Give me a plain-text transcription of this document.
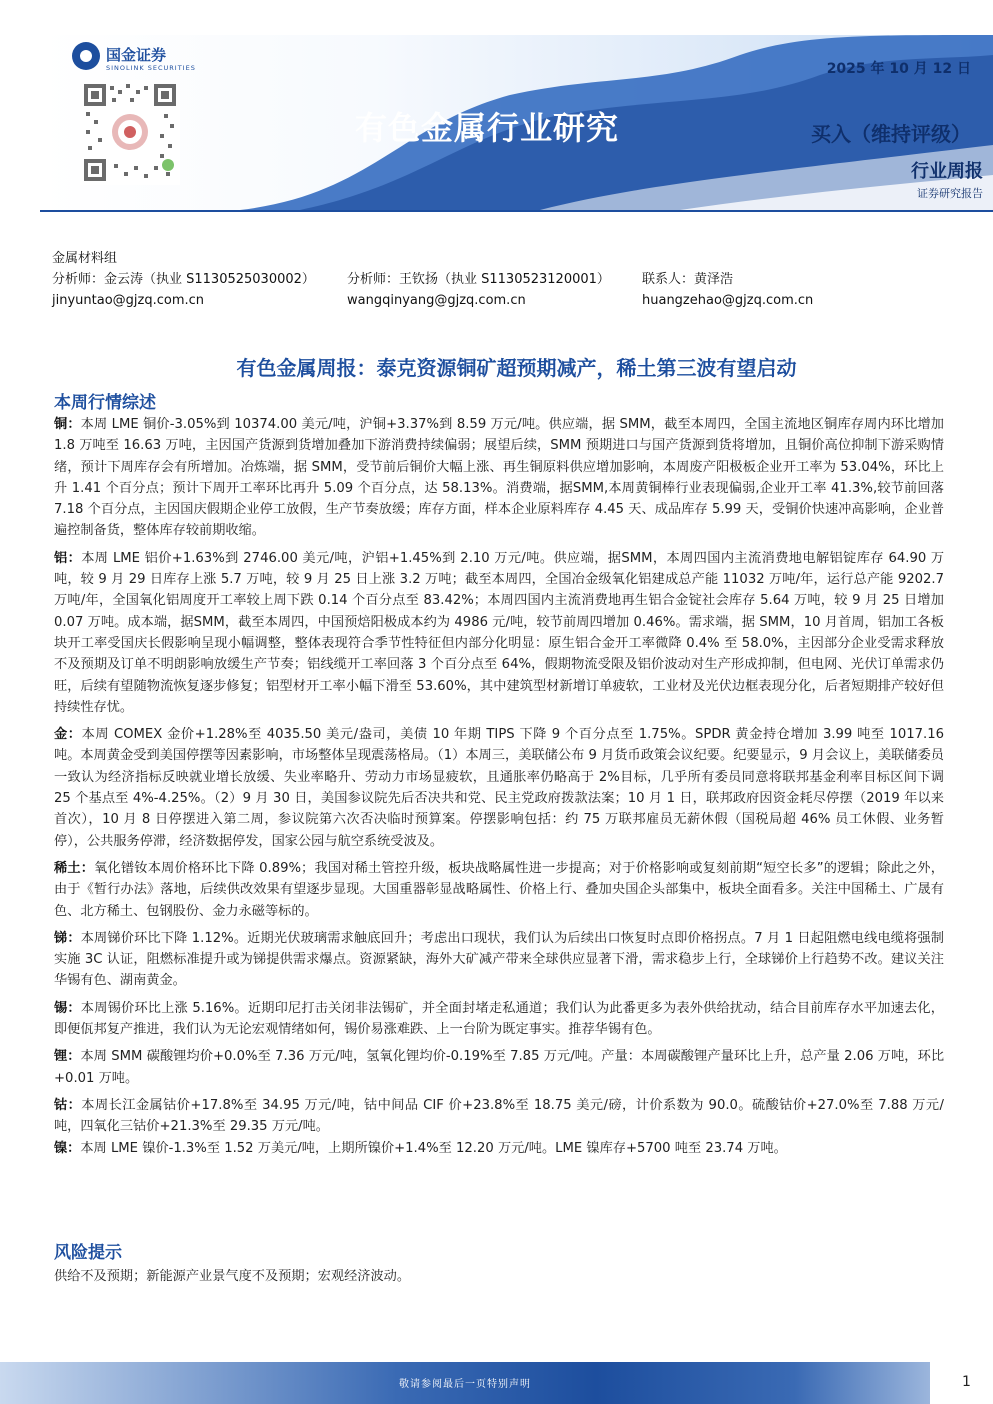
国金证券
SINOLINK SECURITIES	2025 年 10 月 12 日
有色金属行业研究	买入（维持评级）
行业周报
证券研究报告
金属材料组
分析师：金云涛（执业 S1130525030002） 分析师：王钦扬（执业 S1130523120001） 联系人：黄泽浩
jinyuntao@gjzq.com.cn	wangqinyang@gjzq.com.cn	huangzehao@gjzq.com.cn
有色金属周报：泰克资源铜矿超预期减产，稀土第三波有望启动
本周行情综述

铜：本周 LME 铜价-3.05%到 10374.00 美元/吨，沪铜+3.37%到 8.59 万元/吨。供应端，据 SMM，截至本周四，全国主流地区铜库存周内环比增加 1.8 万吨至 16.63 万吨，主因国产货源到货增加叠加下游消费持续偏弱；展望后续，SMM 预期进口与国产货源到货将增加，且铜价高位抑制下游采购情绪，预计下周库存会有所增加。冶炼端，据 SMM，受节前后铜价大幅上涨、再生铜原料供应增加影响，本周废产阳极板企业开工率为 53.04%，环比上升 1.41 个百分点；预计下周开工率环比再升 5.09 个百分点，达 58.13%。消费端，据SMM,本周黄铜棒行业表现偏弱,企业开工率 41.3%,较节前回落 7.18 个百分点，主因国庆假期企业停工放假，生产节奏放缓；库存方面，样本企业原料库存 4.45 天、成品库存 5.99 天，受铜价快速冲高影响，企业普遍控制备货，整体库存较前期收缩。

铝：本周 LME 铝价+1.63%到 2746.00 美元/吨，沪铝+1.45%到 2.10 万元/吨。供应端，据SMM，本周四国内主流消费地电解铝锭库存 64.90 万吨，较 9 月 29 日库存上涨 5.7 万吨，较 9 月 25 日上涨 3.2 万吨；截至本周四，全国冶金级氧化铝建成总产能 11032 万吨/年，运行总产能 9202.7 万吨/年，全国氧化铝周度开工率较上周下跌 0.14 个百分点至 83.42%；本周四国内主流消费地再生铝合金锭社会库存 5.64 万吨，较 9 月 25 日增加 0.07 万吨。成本端，据SMM，截至本周四，中国预焙阳极成本约为 4986 元/吨，较节前周四增加 0.46%。需求端，据 SMM，10 月首周，铝加工各板块开工率受国庆长假影响呈现小幅调整，整体表现符合季节性特征但内部分化明显：原生铝合金开工率微降 0.4% 至 58.0%，主因部分企业受需求释放不及预期及订单不明朗影响放缓生产节奏；铝线缆开工率回落 3 个百分点至 64%，假期物流受限及铝价波动对生产形成抑制，但电网、光伏订单需求仍旺，后续有望随物流恢复逐步修复；铝型材开工率小幅下滑至 53.60%，其中建筑型材新增订单疲软，工业材及光伏边框表现分化，后者短期排产较好但持续性存忧。

金：本周 COMEX 金价+1.28%至 4035.50 美元/盎司，美债 10 年期 TIPS 下降 9 个百分点至 1.75%。SPDR 黄金持仓增加 3.99 吨至 1017.16 吨。本周黄金受到美国停摆等因素影响，市场整体呈现震荡格局。（1）本周三，美联储公布 9 月货币政策会议纪要。纪要显示，9 月会议上，美联储委员一致认为经济指标反映就业增长放缓、失业率略升、劳动力市场显疲软，且通胀率仍略高于 2%目标，几乎所有委员同意将联邦基金利率目标区间下调 25 个基点至 4%-4.25%。（2）9 月 30 日，美国参议院先后否决共和党、民主党政府拨款法案；10 月 1 日，联邦政府因资金耗尽停摆（2019 年以来首次），10 月 8 日停摆进入第二周，参议院第六次否决临时预算案。停摆影响包括：约 75 万联邦雇员无薪休假（国税局超 46% 员工休假、业务暂停），公共服务停滞，经济数据停发，国家公园与航空系统受波及。

稀土：氧化镨钕本周价格环比下降 0.89%；我国对稀土管控升级，板块战略属性进一步提高；对于价格影响或复刻前期“短空长多”的逻辑；除此之外，由于《暂行办法》落地，后续供改效果有望逐步显现。大国重器彰显战略属性、价格上行、叠加央国企头部集中，板块全面看多。关注中国稀土、广晟有色、北方稀土、包钢股份、金力永磁等标的。

锑：本周锑价环比下降 1.12%。近期光伏玻璃需求触底回升；考虑出口现状，我们认为后续出口恢复时点即价格拐点。7 月 1 日起阻燃电线电缆将强制实施 3C 认证，阻燃标准提升或为锑提供需求爆点。资源紧缺，海外大矿减产带来全球供应显著下滑，需求稳步上行，全球锑价上行趋势不改。建议关注华锡有色、湖南黄金。

锡：本周锡价环比上涨 5.16%。近期印尼打击关闭非法锡矿，并全面封堵走私通道；我们认为此番更多为表外供给扰动，结合目前库存水平加速去化，即便佤邦复产推进，我们认为无论宏观情绪如何，锡价易涨难跌、上一台阶为既定事实。推荐华锡有色。

锂：本周 SMM 碳酸锂均价+0.0%至 7.36 万元/吨，氢氧化锂均价-0.19%至 7.85 万元/吨。产量：本周碳酸锂产量环比上升，总产量 2.06 万吨，环比+0.01 万吨。

钴：本周长江金属钴价+17.8%至 34.95 万元/吨，钴中间品 CIF 价+23.8%至 18.75 美元/磅，计价系数为 90.0。硫酸钴价+27.0%至 7.88 万元/吨，四氧化三钴价+21.3%至 29.35 万元/吨。

镍：本周 LME 镍价-1.3%至 1.52 万美元/吨，上期所镍价+1.4%至 12.20 万元/吨。LME 镍库存+5700 吨至 23.74 万吨。

风险提示
供给不及预期；新能源产业景气度不及预期；宏观经济波动。
敬请参阅最后一页特别声明	1
